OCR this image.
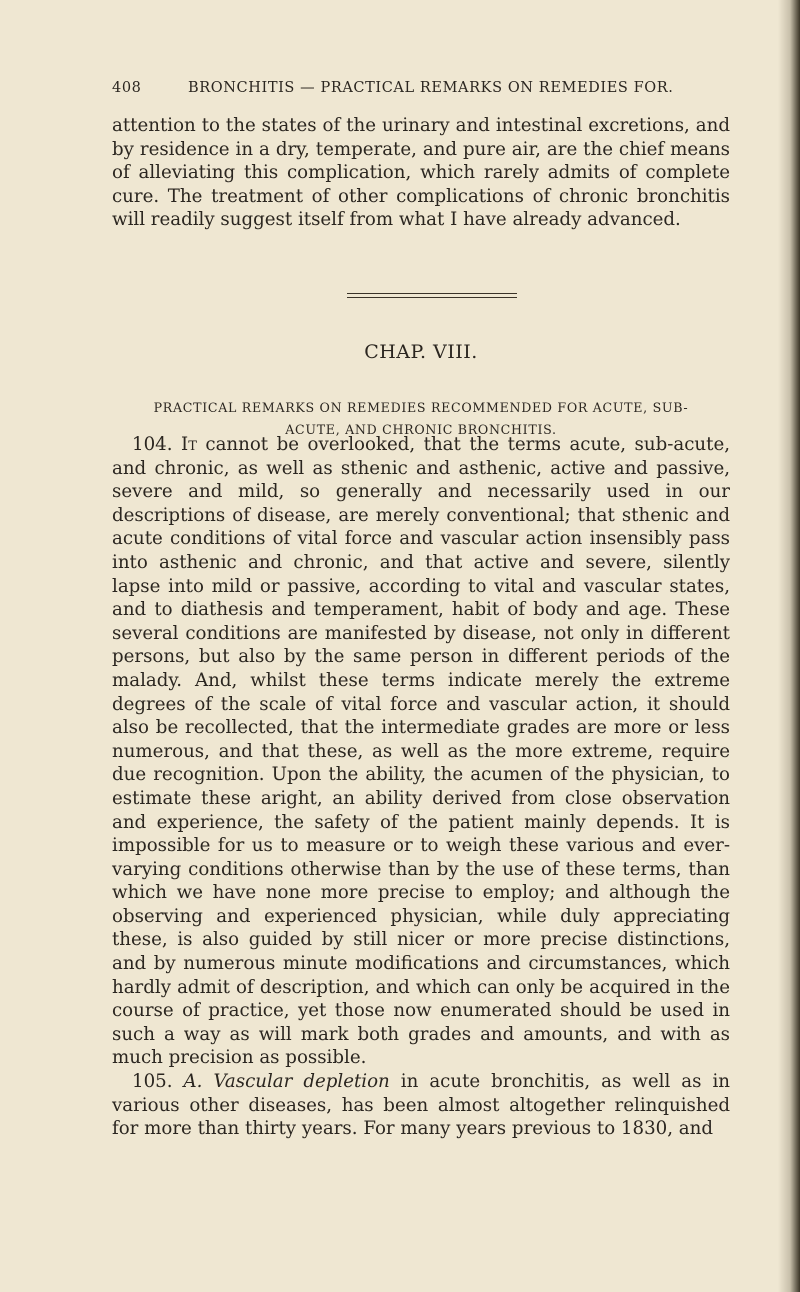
408	BRONCHITIS — PRACTICAL REMARKS ON REMEDIES FOR.

attention to the states of the urinary and intestinal excretions, and by residence in a dry, temperate, and pure air, are the chief means of alleviating this complication, which rarely admits of complete cure. The treatment of other complications of chronic bronchitis will readily suggest itself from what I have already advanced.

CHAP. VIII.
PRACTICAL REMARKS ON REMEDIES RECOMMENDED FOR ACUTE, SUB-
ACUTE, AND CHRONIC BRONCHITIS.

104. It cannot be overlooked, that the terms acute, sub-acute, and chronic, as well as sthenic and asthenic, active and passive, severe and mild, so generally and necessarily used in our descriptions of disease, are merely conventional; that sthenic and acute conditions of vital force and vascular action insensibly pass into asthenic and chronic, and that active and severe, silently lapse into mild or passive, according to vital and vascular states, and to diathesis and temperament, habit of body and age. These several conditions are manifested by disease, not only in different persons, but also by the same person in different periods of the malady. And, whilst these terms indicate merely the extreme degrees of the scale of vital force and vascular action, it should also be recollected, that the intermediate grades are more or less numerous, and that these, as well as the more extreme, require due recognition. Upon the ability, the acumen of the physician, to estimate these aright, an ability derived from close observation and experience, the safety of the patient mainly depends. It is impossible for us to measure or to weigh these various and ever-varying conditions otherwise than by the use of these terms, than which we have none more precise to employ; and although the observing and experienced physician, while duly appreciating these, is also guided by still nicer or more precise distinctions, and by numerous minute modifications and circumstances, which hardly admit of description, and which can only be acquired in the course of practice, yet those now enumerated should be used in such a way as will mark both grades and amounts, and with as much precision as possible.

105. A. Vascular depletion in acute bronchitis, as well as in various other diseases, has been almost altogether relinquished for more than thirty years. For many years previous to 1830, and
